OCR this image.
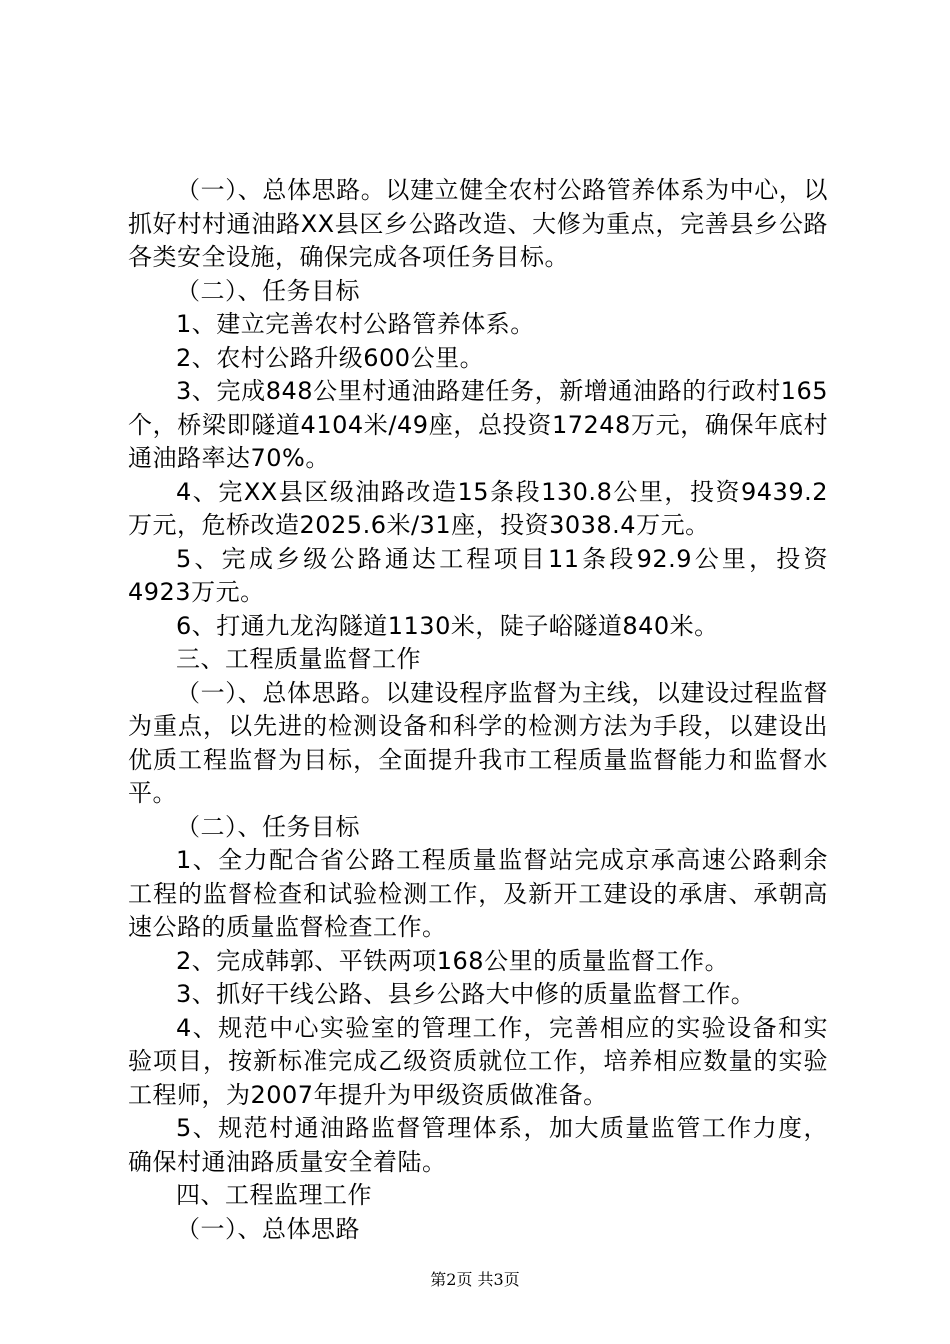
（一）、总体思路。以建立健全农村公路管养体系为中心，以抓好村村通油路XX县区乡公路改造、大修为重点，完善县乡公路各类安全设施，确保完成各项任务目标。

（二）、任务目标

1、建立完善农村公路管养体系。

2、农村公路升级600公里。

3、完成848公里村通油路建任务，新增通油路的行政村165个，桥梁即隧道4104米/49座，总投资17248万元，确保年底村通油路率达70%。

4、完XX县区级油路改造15条段130.8公里，投资9439.2万元，危桥改造2025.6米/31座，投资3038.4万元。

5、完成乡级公路通达工程项目11条段92.9公里，投资4923万元。

6、打通九龙沟隧道1130米，陡子峪隧道840米。

三、工程质量监督工作

（一）、总体思路。以建设程序监督为主线，以建设过程监督为重点，以先进的检测设备和科学的检测方法为手段，以建设出优质工程监督为目标，全面提升我市工程质量监督能力和监督水平。

（二）、任务目标

1、全力配合省公路工程质量监督站完成京承高速公路剩余工程的监督检查和试验检测工作，及新开工建设的承唐、承朝高速公路的质量监督检查工作。

2、完成韩郭、平铁两项168公里的质量监督工作。

3、抓好干线公路、县乡公路大中修的质量监督工作。

4、规范中心实验室的管理工作，完善相应的实验设备和实验项目，按新标准完成乙级资质就位工作，培养相应数量的实验工程师，为2007年提升为甲级资质做准备。

5、规范村通油路监督管理体系，加大质量监管工作力度，确保村通油路质量安全着陆。

四、工程监理工作

（一）、总体思路

第2页 共3页
